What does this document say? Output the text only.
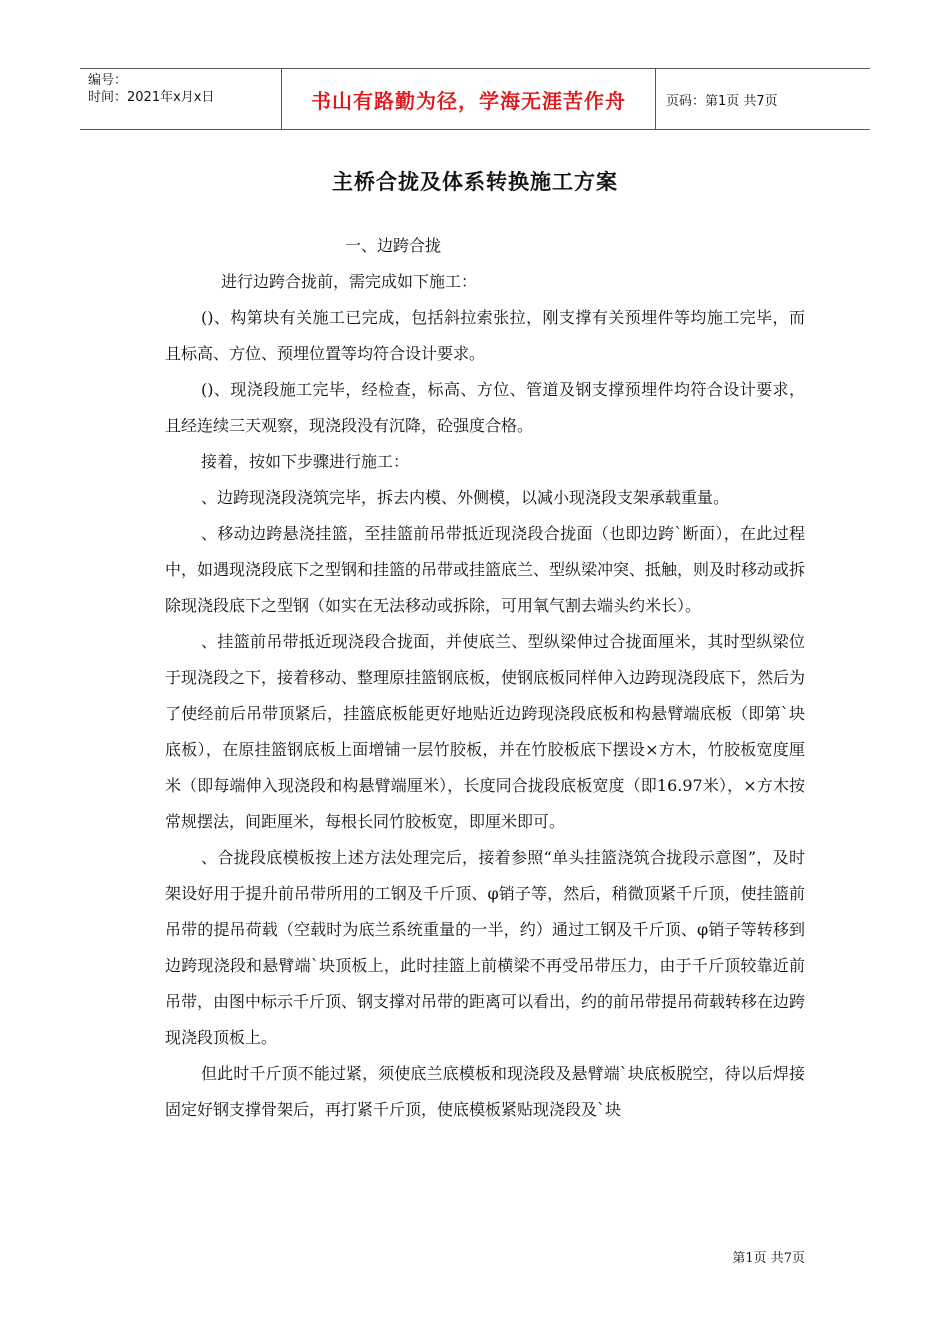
编号：
时间：2021年x月x日	书山有路勤为径，学海无涯苦作舟	页码：第1页 共7页
主桥合拢及体系转换施工方案

一、边跨合拢

进行边跨合拢前，需完成如下施工：

()、构第块有关施工已完成，包括斜拉索张拉，刚支撑有关预埋件等均施工完毕，而且标高、方位、预埋位置等均符合设计要求。

()、现浇段施工完毕，经检查，标高、方位、管道及钢支撑预埋件均符合设计要求，且经连续三天观察，现浇段没有沉降，砼强度合格。

接着，按如下步骤进行施工：

、边跨现浇段浇筑完毕，拆去内模、外侧模，以减小现浇段支架承载重量。

、移动边跨悬浇挂篮，至挂篮前吊带抵近现浇段合拢面（也即边跨`断面），在此过程中，如遇现浇段底下之型钢和挂篮的吊带或挂篮底兰、型纵梁冲突、抵触，则及时移动或拆除现浇段底下之型钢（如实在无法移动或拆除，可用氧气割去端头约米长）。

、挂篮前吊带抵近现浇段合拢面，并使底兰、型纵梁伸过合拢面厘米，其时型纵梁位于现浇段之下，接着移动、整理原挂篮钢底板，使钢底板同样伸入边跨现浇段底下，然后为了使经前后吊带顶紧后，挂篮底板能更好地贴近边跨现浇段底板和构悬臂端底板（即第`块底板），在原挂篮钢底板上面增铺一层竹胶板，并在竹胶板底下摆设×方木，竹胶板宽度厘米（即每端伸入现浇段和构悬臂端厘米），长度同合拢段底板宽度（即16.97米），×方木按常规摆法，间距厘米，每根长同竹胶板宽，即厘米即可。

、合拢段底模板按上述方法处理完后，接着参照“单头挂篮浇筑合拢段示意图”，及时架设好用于提升前吊带所用的工钢及千斤顶、φ销子等，然后，稍微顶紧千斤顶，使挂篮前吊带的提吊荷载（空载时为底兰系统重量的一半，约）通过工钢及千斤顶、φ销子等转移到边跨现浇段和悬臂端`块顶板上，此时挂篮上前横梁不再受吊带压力，由于千斤顶较靠近前吊带，由图中标示千斤顶、钢支撑对吊带的距离可以看出，约的前吊带提吊荷载转移在边跨现浇段顶板上。

但此时千斤顶不能过紧，须使底兰底模板和现浇段及悬臂端`块底板脱空，待以后焊接固定好钢支撑骨架后，再打紧千斤顶，使底模板紧贴现浇段及`块

第1页 共7页
